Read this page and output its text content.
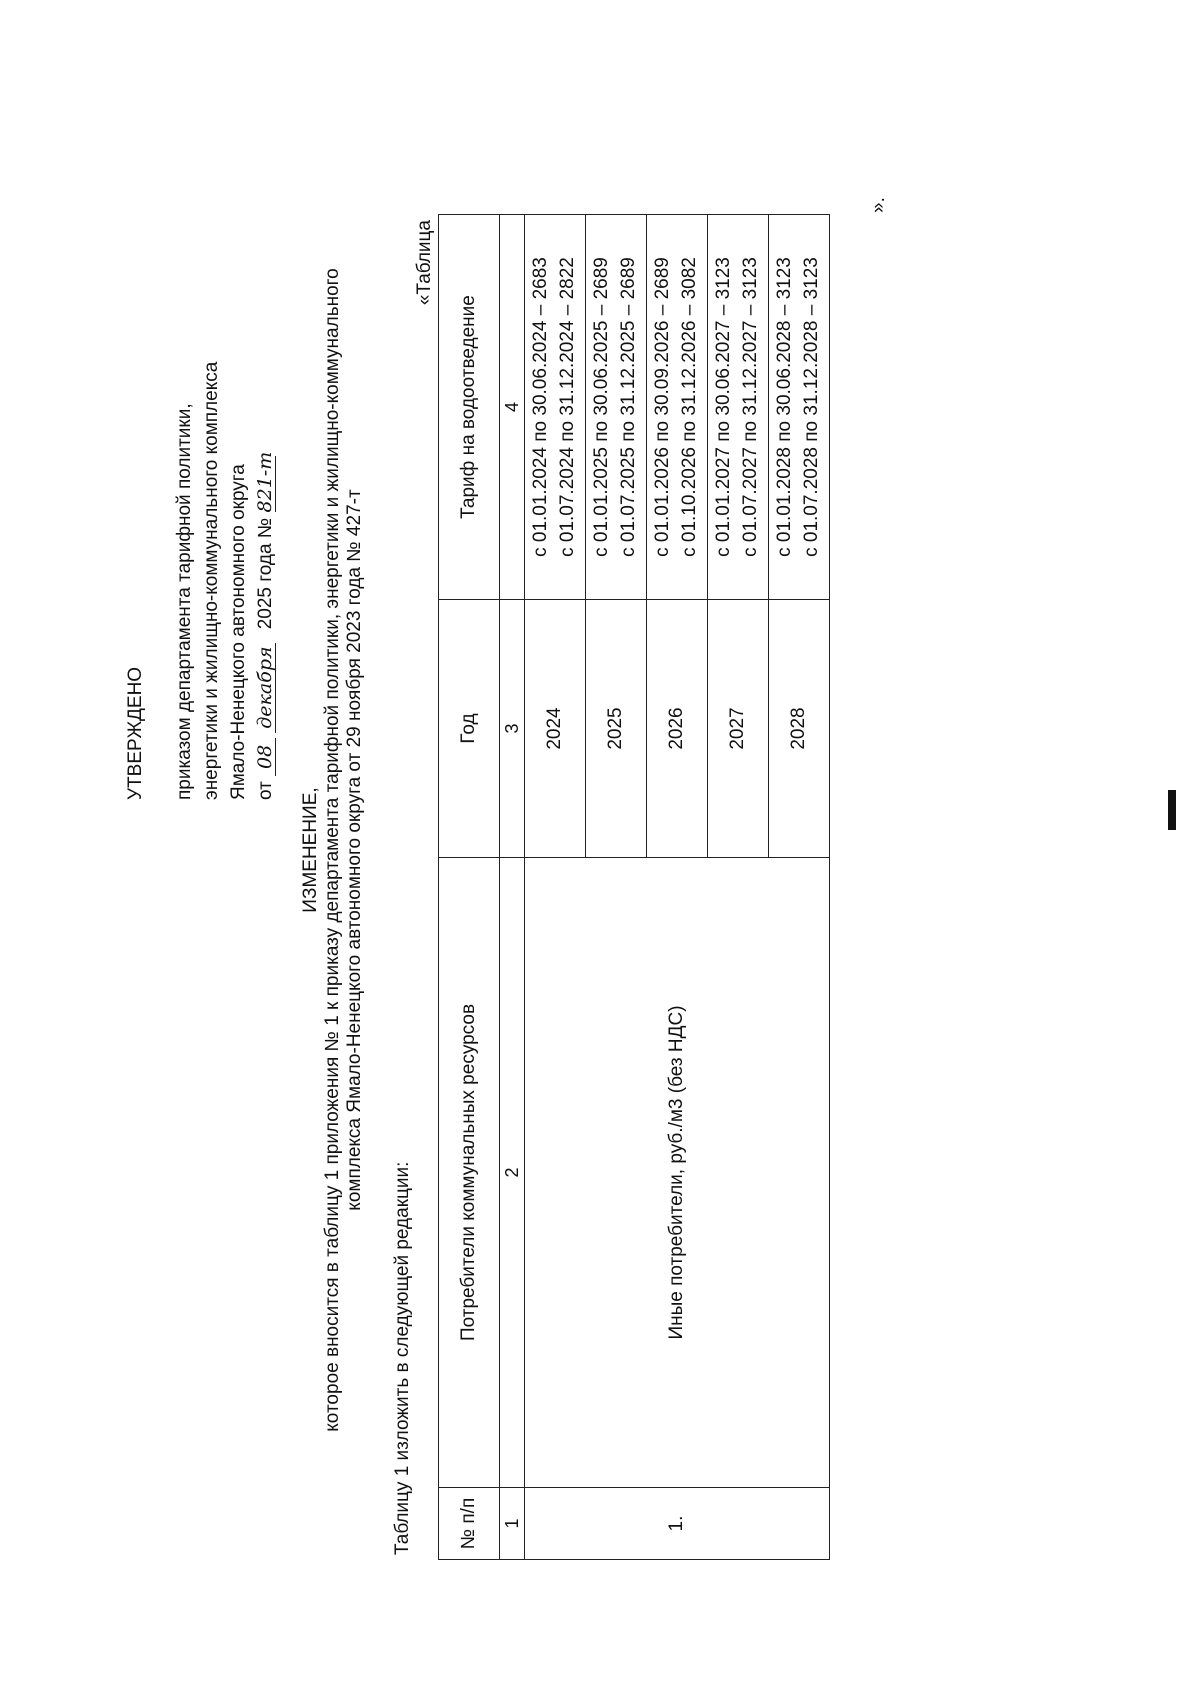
УТВЕРЖДЕНО приказом департамента тарифной политики, энергетики и жилищно-коммунального комплекса Ямало-Ненецкого автономного округа от 08 декабря 2025 года № 821-т
ИЗМЕНЕНИЕ, которое вносится в таблицу 1 приложения № 1 к приказу департамента тарифной политики, энергетики и жилищно-коммунального комплекса Ямало-Ненецкого автономного округа от 29 ноября 2023 года № 427-т
Таблицу 1 изложить в следующей редакции:
«Таблица
№ п/п	Потребители коммунальных ресурсов	Год	Тариф на водоотведение
1	2	3	4
1.	Иные потребители, руб./м3 (без НДС)	2024	с 01.01.2024 по 30.06.2024 – 2683 с 01.07.2024 по 31.12.2024 – 2822

		2025	с 01.01.2025 по 30.06.2025 – 2689 с 01.07.2025 по 31.12.2025 – 2689

		2026	с 01.01.2026 по 30.09.2026 – 2689 с 01.10.2026 по 31.12.2026 – 3082

		2027	с 01.01.2027 по 30.06.2027 – 3123 с 01.07.2027 по 31.12.2027 – 3123

		2028	с 01.01.2028 по 30.06.2028 – 3123 с 01.07.2028 по 31.12.2028 – 3123
».
